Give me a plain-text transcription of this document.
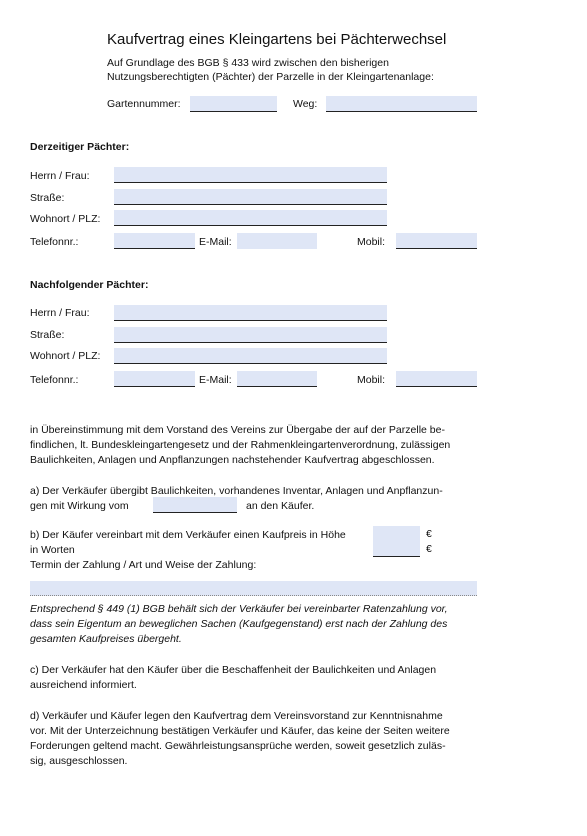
Kaufvertrag eines Kleingartens bei Pächterwechsel
Auf Grundlage des BGB § 433 wird zwischen den bisherigen
Nutzungsberechtigten (Pächter) der Parzelle in der Kleingartenanlage:
Gartennummer:	Weg:
Derzeitiger Pächter:
Herrn / Frau:
Straße:
Wohnort / PLZ:
Telefonnr.:	E-Mail:	Mobil:
Nachfolgender Pächter:
Herrn / Frau:
Straße:
Wohnort / PLZ:
Telefonnr.:	E-Mail:	Mobil:
in Übereinstimmung mit dem Vorstand des Vereins zur Übergabe der auf der Parzelle be-
findlichen, lt. Bundeskleingartengesetz und der Rahmenkleingartenverordnung, zulässigen
Baulichkeiten, Anlagen und Anpflanzungen nachstehender Kaufvertrag abgeschlossen.
a) Der Verkäufer übergibt Baulichkeiten, vorhandenes Inventar, Anlagen und Anpflanzun-
gen mit Wirkung vom	an den Käufer.
b) Der Käufer vereinbart mit dem Verkäufer einen Kaufpreis in Höhe	€
in Worten	€
Termin der Zahlung / Art und Weise der Zahlung:
Entsprechend § 449 (1) BGB behält sich der Verkäufer bei vereinbarter Ratenzahlung vor,
dass sein Eigentum an beweglichen Sachen (Kaufgegenstand) erst nach der Zahlung des
gesamten Kaufpreises übergeht.
c) Der Verkäufer hat den Käufer über die Beschaffenheit der Baulichkeiten und Anlagen
ausreichend informiert.
d) Verkäufer und Käufer legen den Kaufvertrag dem Vereinsvorstand zur Kenntnisnahme
vor. Mit der Unterzeichnung bestätigen Verkäufer und Käufer, das keine der Seiten weitere
Forderungen geltend macht. Gewährleistungsansprüche werden, soweit gesetzlich zuläs-
sig, ausgeschlossen.
